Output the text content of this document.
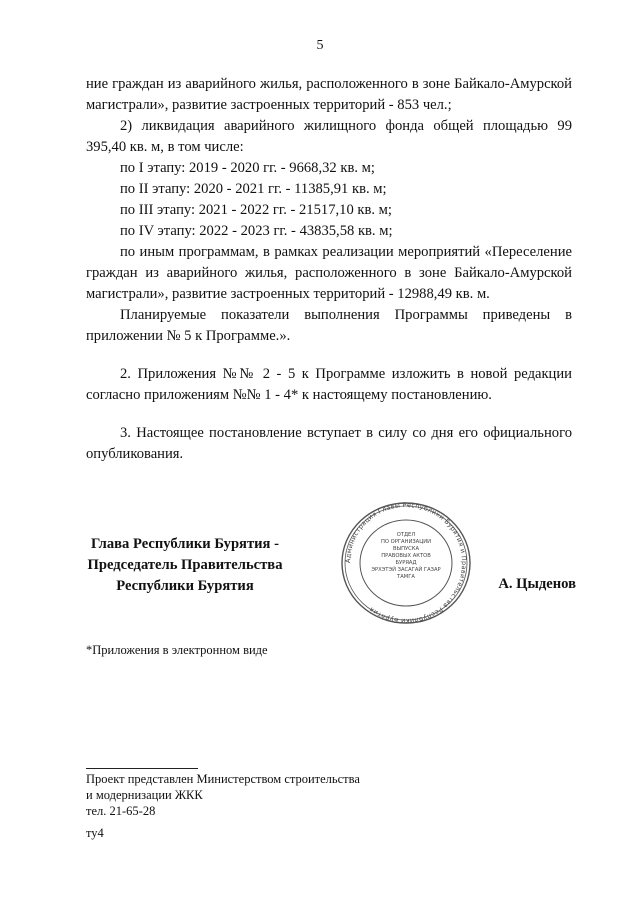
5

ние граждан из аварийного жилья, расположенного в зоне Байкало-Амурской магистрали», развитие застроенных территорий - 853 чел.;

2) ликвидация аварийного жилищного фонда общей площадью 99 395,40 кв. м, в том числе:

по I этапу: 2019 - 2020 гг. - 9668,32 кв. м;

по II этапу: 2020 - 2021 гг. - 11385,91 кв. м;

по III этапу: 2021 - 2022 гг. - 21517,10 кв. м;

по IV этапу: 2022 - 2023 гг. - 43835,58 кв. м;

по иным программам, в рамках реализации мероприятий «Переселение граждан из аварийного жилья, расположенного в зоне Байкало-Амурской магистрали», развитие застроенных территорий - 12988,49 кв. м.

Планируемые показатели выполнения Программы приведены в приложении № 5 к Программе.».

2. Приложения №№ 2 - 5 к Программе изложить в новой редакции согласно приложениям №№ 1 - 4* к настоящему постановлению.

3. Настоящее постановление вступает в силу со дня его официального опубликования.

Глава Республики Бурятия -
Председатель Правительства
Республики Бурятия
Администрация Главы Республики Бурятия и Правительства Республики Бурятия
ОТДЕЛ
ПО ОРГАНИЗАЦИИ
ВЫПУСКА
ПРАВОВЫХ АКТОВ
БУРЯАД
ЭРХЭТЭЙ ЗАСАГАЙ ГАЗАР
ТАМГА	А. Цыденов
*Приложения в электронном виде
Проект представлен Министерством строительства
и модернизации ЖКК
тел. 21-65-28
ту4
